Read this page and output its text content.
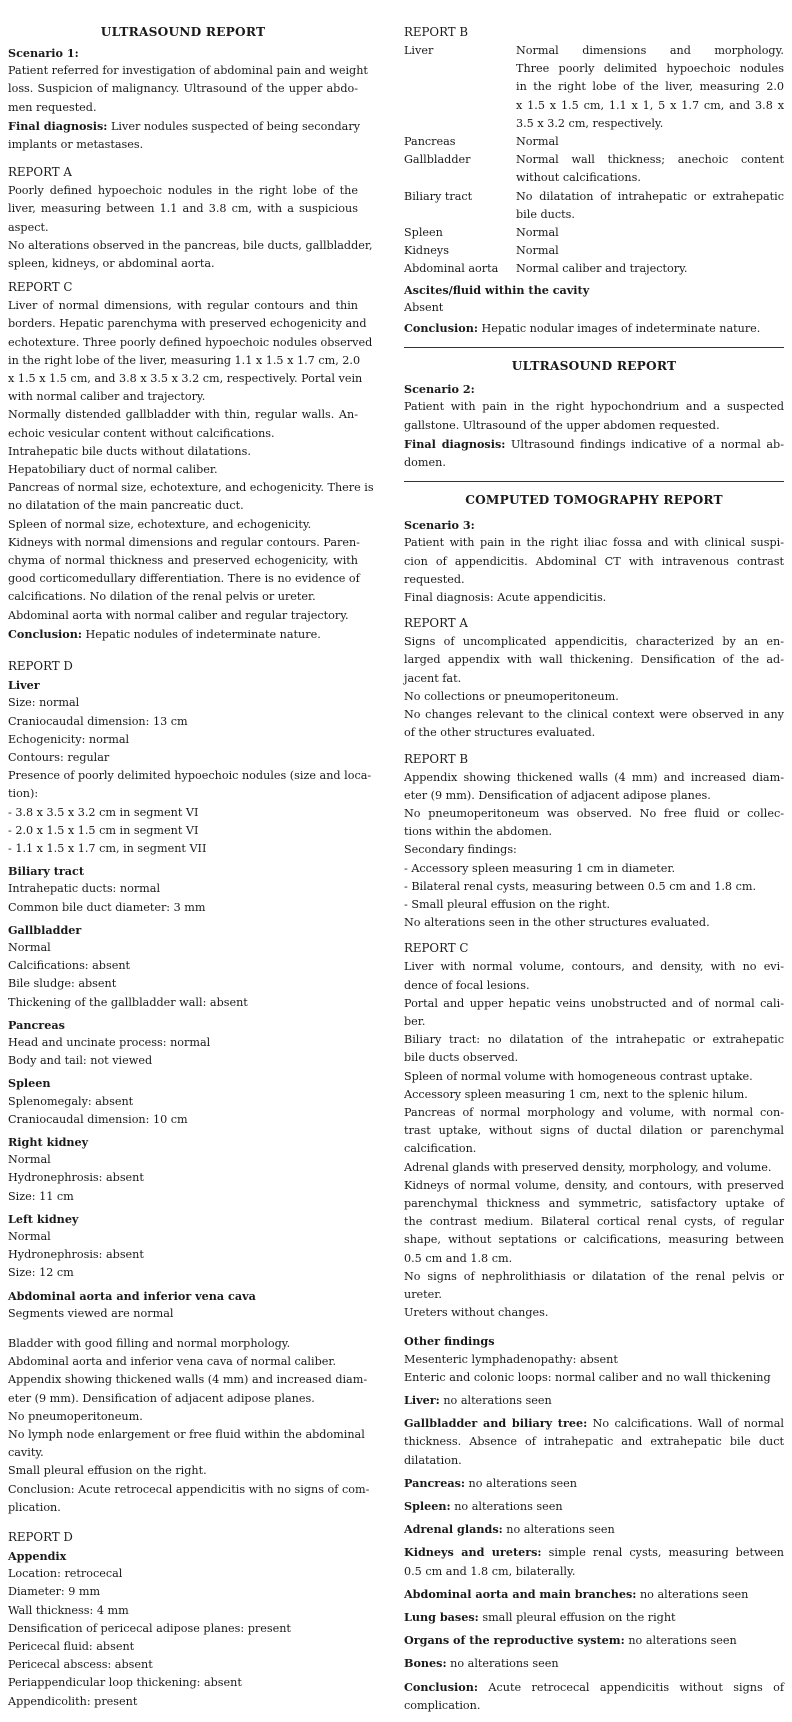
ULTRASOUND REPORT
Scenario 1:
Patient referred for investigation of abdominal pain and weight
loss. Suspicion of malignancy. Ultrasound of the upper abdo-
men requested.
Final diagnosis: Liver nodules suspected of being secondary
implants or metastases.
REPORT A
Poorly defined hypoechoic nodules in the right lobe of the
liver, measuring between 1.1 and 3.8 cm, with a suspicious
aspect.
No alterations observed in the pancreas, bile ducts, gallbladder,
spleen, kidneys, or abdominal aorta.
REPORT C
Liver of normal dimensions, with regular contours and thin
borders. Hepatic parenchyma with preserved echogenicity and
echotexture. Three poorly defined hypoechoic nodules observed
in the right lobe of the liver, measuring 1.1 x 1.5 x 1.7 cm, 2.0
x 1.5 x 1.5 cm, and 3.8 x 3.5 x 3.2 cm, respectively. Portal vein
with normal caliber and trajectory.
Normally distended gallbladder with thin, regular walls. An-
echoic vesicular content without calcifications.
Intrahepatic bile ducts without dilatations.
Hepatobiliary duct of normal caliber.
Pancreas of normal size, echotexture, and echogenicity. There is
no dilatation of the main pancreatic duct.
Spleen of normal size, echotexture, and echogenicity.
Kidneys with normal dimensions and regular contours. Paren-
chyma of normal thickness and preserved echogenicity, with
good corticomedullary differentiation. There is no evidence of
calcifications. No dilation of the renal pelvis or ureter.
Abdominal aorta with normal caliber and regular trajectory.
Conclusion: Hepatic nodules of indeterminate nature.
REPORT D
Liver
Size: normal
Craniocaudal dimension: 13 cm
Echogenicity: normal
Contours: regular
Presence of poorly delimited hypoechoic nodules (size and loca-
tion):
- 3.8 x 3.5 x 3.2 cm in segment VI
- 2.0 x 1.5 x 1.5 cm in segment VI
- 1.1 x 1.5 x 1.7 cm, in segment VII
Biliary tract
Intrahepatic ducts: normal
Common bile duct diameter: 3 mm
Gallbladder
Normal
Calcifications: absent
Bile sludge: absent
Thickening of the gallbladder wall: absent
Pancreas
Head and uncinate process: normal
Body and tail: not viewed
Spleen
Splenomegaly: absent
Craniocaudal dimension: 10 cm
Right kidney
Normal
Hydronephrosis: absent
Size: 11 cm
Left kidney
Normal
Hydronephrosis: absent
Size: 12 cm
Abdominal aorta and inferior vena cava
Segments viewed are normal
Bladder with good filling and normal morphology.
Abdominal aorta and inferior vena cava of normal caliber.
Appendix showing thickened walls (4 mm) and increased diam-
eter (9 mm). Densification of adjacent adipose planes.
No pneumoperitoneum.
No lymph node enlargement or free fluid within the abdominal
cavity.
Small pleural effusion on the right.
Conclusion: Acute retrocecal appendicitis with no signs of com-
plication.
REPORT D
Appendix
Location: retrocecal
Diameter: 9 mm
Wall thickness: 4 mm
Densification of pericecal adipose planes: present
Pericecal fluid: absent
Pericecal abscess: absent
Periappendicular loop thickening: absent
Appendicolith: present
REPORT B
Liver	Normal dimensions and morphology.
Three poorly delimited hypoechoic nodules
in the right lobe of the liver, measuring 2.0
x 1.5 x 1.5 cm, 1.1 x 1, 5 x 1.7 cm, and 3.8 x
3.5 x 3.2 cm, respectively.
Pancreas	Normal
Gallbladder	Normal wall thickness; anechoic content
without calcifications.
Biliary tract	No dilatation of intrahepatic or extrahepatic
bile ducts.
Spleen	Normal
Kidneys	Normal
Abdominal aorta	Normal caliber and trajectory.
Ascites/fluid within the cavity
Absent
Conclusion: Hepatic nodular images of indeterminate nature.
ULTRASOUND REPORT
Scenario 2:
Patient with pain in the right hypochondrium and a suspected
gallstone. Ultrasound of the upper abdomen requested.
Final diagnosis: Ultrasound findings indicative of a normal ab-
domen.
COMPUTED TOMOGRAPHY REPORT
Scenario 3:
Patient with pain in the right iliac fossa and with clinical suspi-
cion of appendicitis. Abdominal CT with intravenous contrast
requested.
Final diagnosis: Acute appendicitis.
REPORT A
Signs of uncomplicated appendicitis, characterized by an en-
larged appendix with wall thickening. Densification of the ad-
jacent fat.
No collections or pneumoperitoneum.
No changes relevant to the clinical context were observed in any
of the other structures evaluated.
REPORT B
Appendix showing thickened walls (4 mm) and increased diam-
eter (9 mm). Densification of adjacent adipose planes.
No pneumoperitoneum was observed. No free fluid or collec-
tions within the abdomen.
Secondary findings:
- Accessory spleen measuring 1 cm in diameter.
- Bilateral renal cysts, measuring between 0.5 cm and 1.8 cm.
- Small pleural effusion on the right.
No alterations seen in the other structures evaluated.
REPORT C
Liver with normal volume, contours, and density, with no evi-
dence of focal lesions.
Portal and upper hepatic veins unobstructed and of normal cali-
ber.
Biliary tract: no dilatation of the intrahepatic or extrahepatic
bile ducts observed.
Spleen of normal volume with homogeneous contrast uptake.
Accessory spleen measuring 1 cm, next to the splenic hilum.
Pancreas of normal morphology and volume, with normal con-
trast uptake, without signs of ductal dilation or parenchymal
calcification.
Adrenal glands with preserved density, morphology, and volume.
Kidneys of normal volume, density, and contours, with preserved
parenchymal thickness and symmetric, satisfactory uptake of
the contrast medium. Bilateral cortical renal cysts, of regular
shape, without septations or calcifications, measuring between
0.5 cm and 1.8 cm.
No signs of nephrolithiasis or dilatation of the renal pelvis or
ureter.
Ureters without changes.
Other findings
Mesenteric lymphadenopathy: absent
Enteric and colonic loops: normal caliber and no wall thickening
Liver: no alterations seen
Gallbladder and biliary tree: No calcifications. Wall of normal
thickness. Absence of intrahepatic and extrahepatic bile duct
dilatation.
Pancreas: no alterations seen
Spleen: no alterations seen
Adrenal glands: no alterations seen
Kidneys and ureters: simple renal cysts, measuring between
0.5 cm and 1.8 cm, bilaterally.
Abdominal aorta and main branches: no alterations seen
Lung bases: small pleural effusion on the right
Organs of the reproductive system: no alterations seen
Bones: no alterations seen
Conclusion: Acute retrocecal appendicitis without signs of
complication.
